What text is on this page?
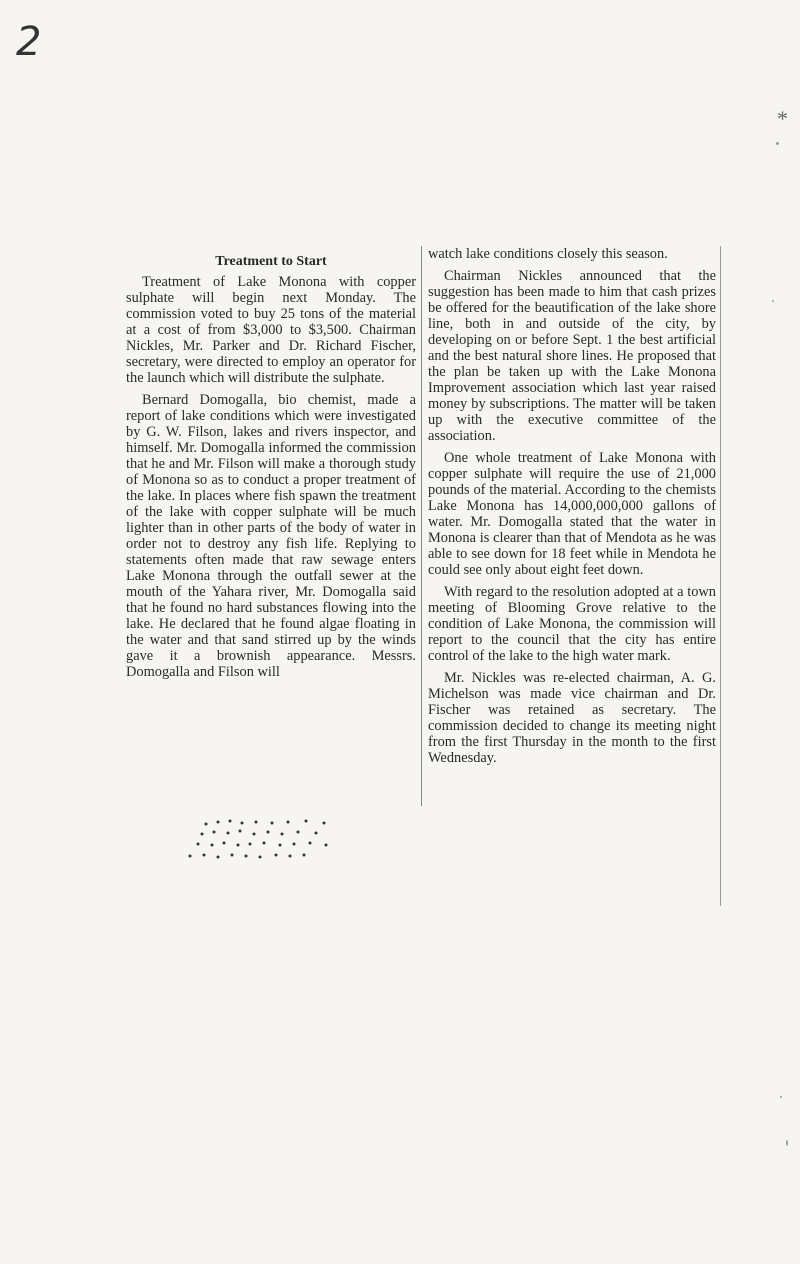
2
*
Treatment to Start

Treatment of Lake Monona with copper sulphate will begin next Monday. The commission voted to buy 25 tons of the material at a cost of from $3,000 to $3,500. Chairman Nickles, Mr. Parker and Dr. Richard Fischer, secretary, were directed to employ an operator for the launch which will distribute the sulphate.

Bernard Domogalla, bio chemist, made a report of lake conditions which were investigated by G. W. Filson, lakes and rivers inspector, and himself. Mr. Domogalla informed the commission that he and Mr. Filson will make a thorough study of Monona so as to conduct a proper treatment of the lake. In places where fish spawn the treatment of the lake with copper sulphate will be much lighter than in other parts of the body of water in order not to destroy any fish life. Replying to statements often made that raw sewage enters Lake Monona through the outfall sewer at the mouth of the Yahara river, Mr. Domogalla said that he found no hard substances flowing into the lake. He declared that he found algae floating in the water and that sand stirred up by the winds gave it a brownish appearance. Messrs. Domogalla and Filson will

watch lake conditions closely this season.

Chairman Nickles announced that the suggestion has been made to him that cash prizes be offered for the beautification of the lake shore line, both in and outside of the city, by developing on or before Sept. 1 the best artificial and the best natural shore lines. He proposed that the plan be taken up with the Lake Monona Improvement association which last year raised money by subscriptions. The matter will be taken up with the executive committee of the association.

One whole treatment of Lake Monona with copper sulphate will require the use of 21,000 pounds of the material. According to the chemists Lake Monona has 14,000,000,000 gallons of water. Mr. Domogalla stated that the water in Monona is clearer than that of Mendota as he was able to see down for 18 feet while in Mendota he could see only about eight feet down.

With regard to the resolution adopted at a town meeting of Blooming Grove relative to the condition of Lake Monona, the commission will report to the council that the city has entire control of the lake to the high water mark.

Mr. Nickles was re-elected chairman, A. G. Michelson was made vice chairman and Dr. Fischer was retained as secretary. The commission decided to change its meeting night from the first Thursday in the month to the first Wednesday.
